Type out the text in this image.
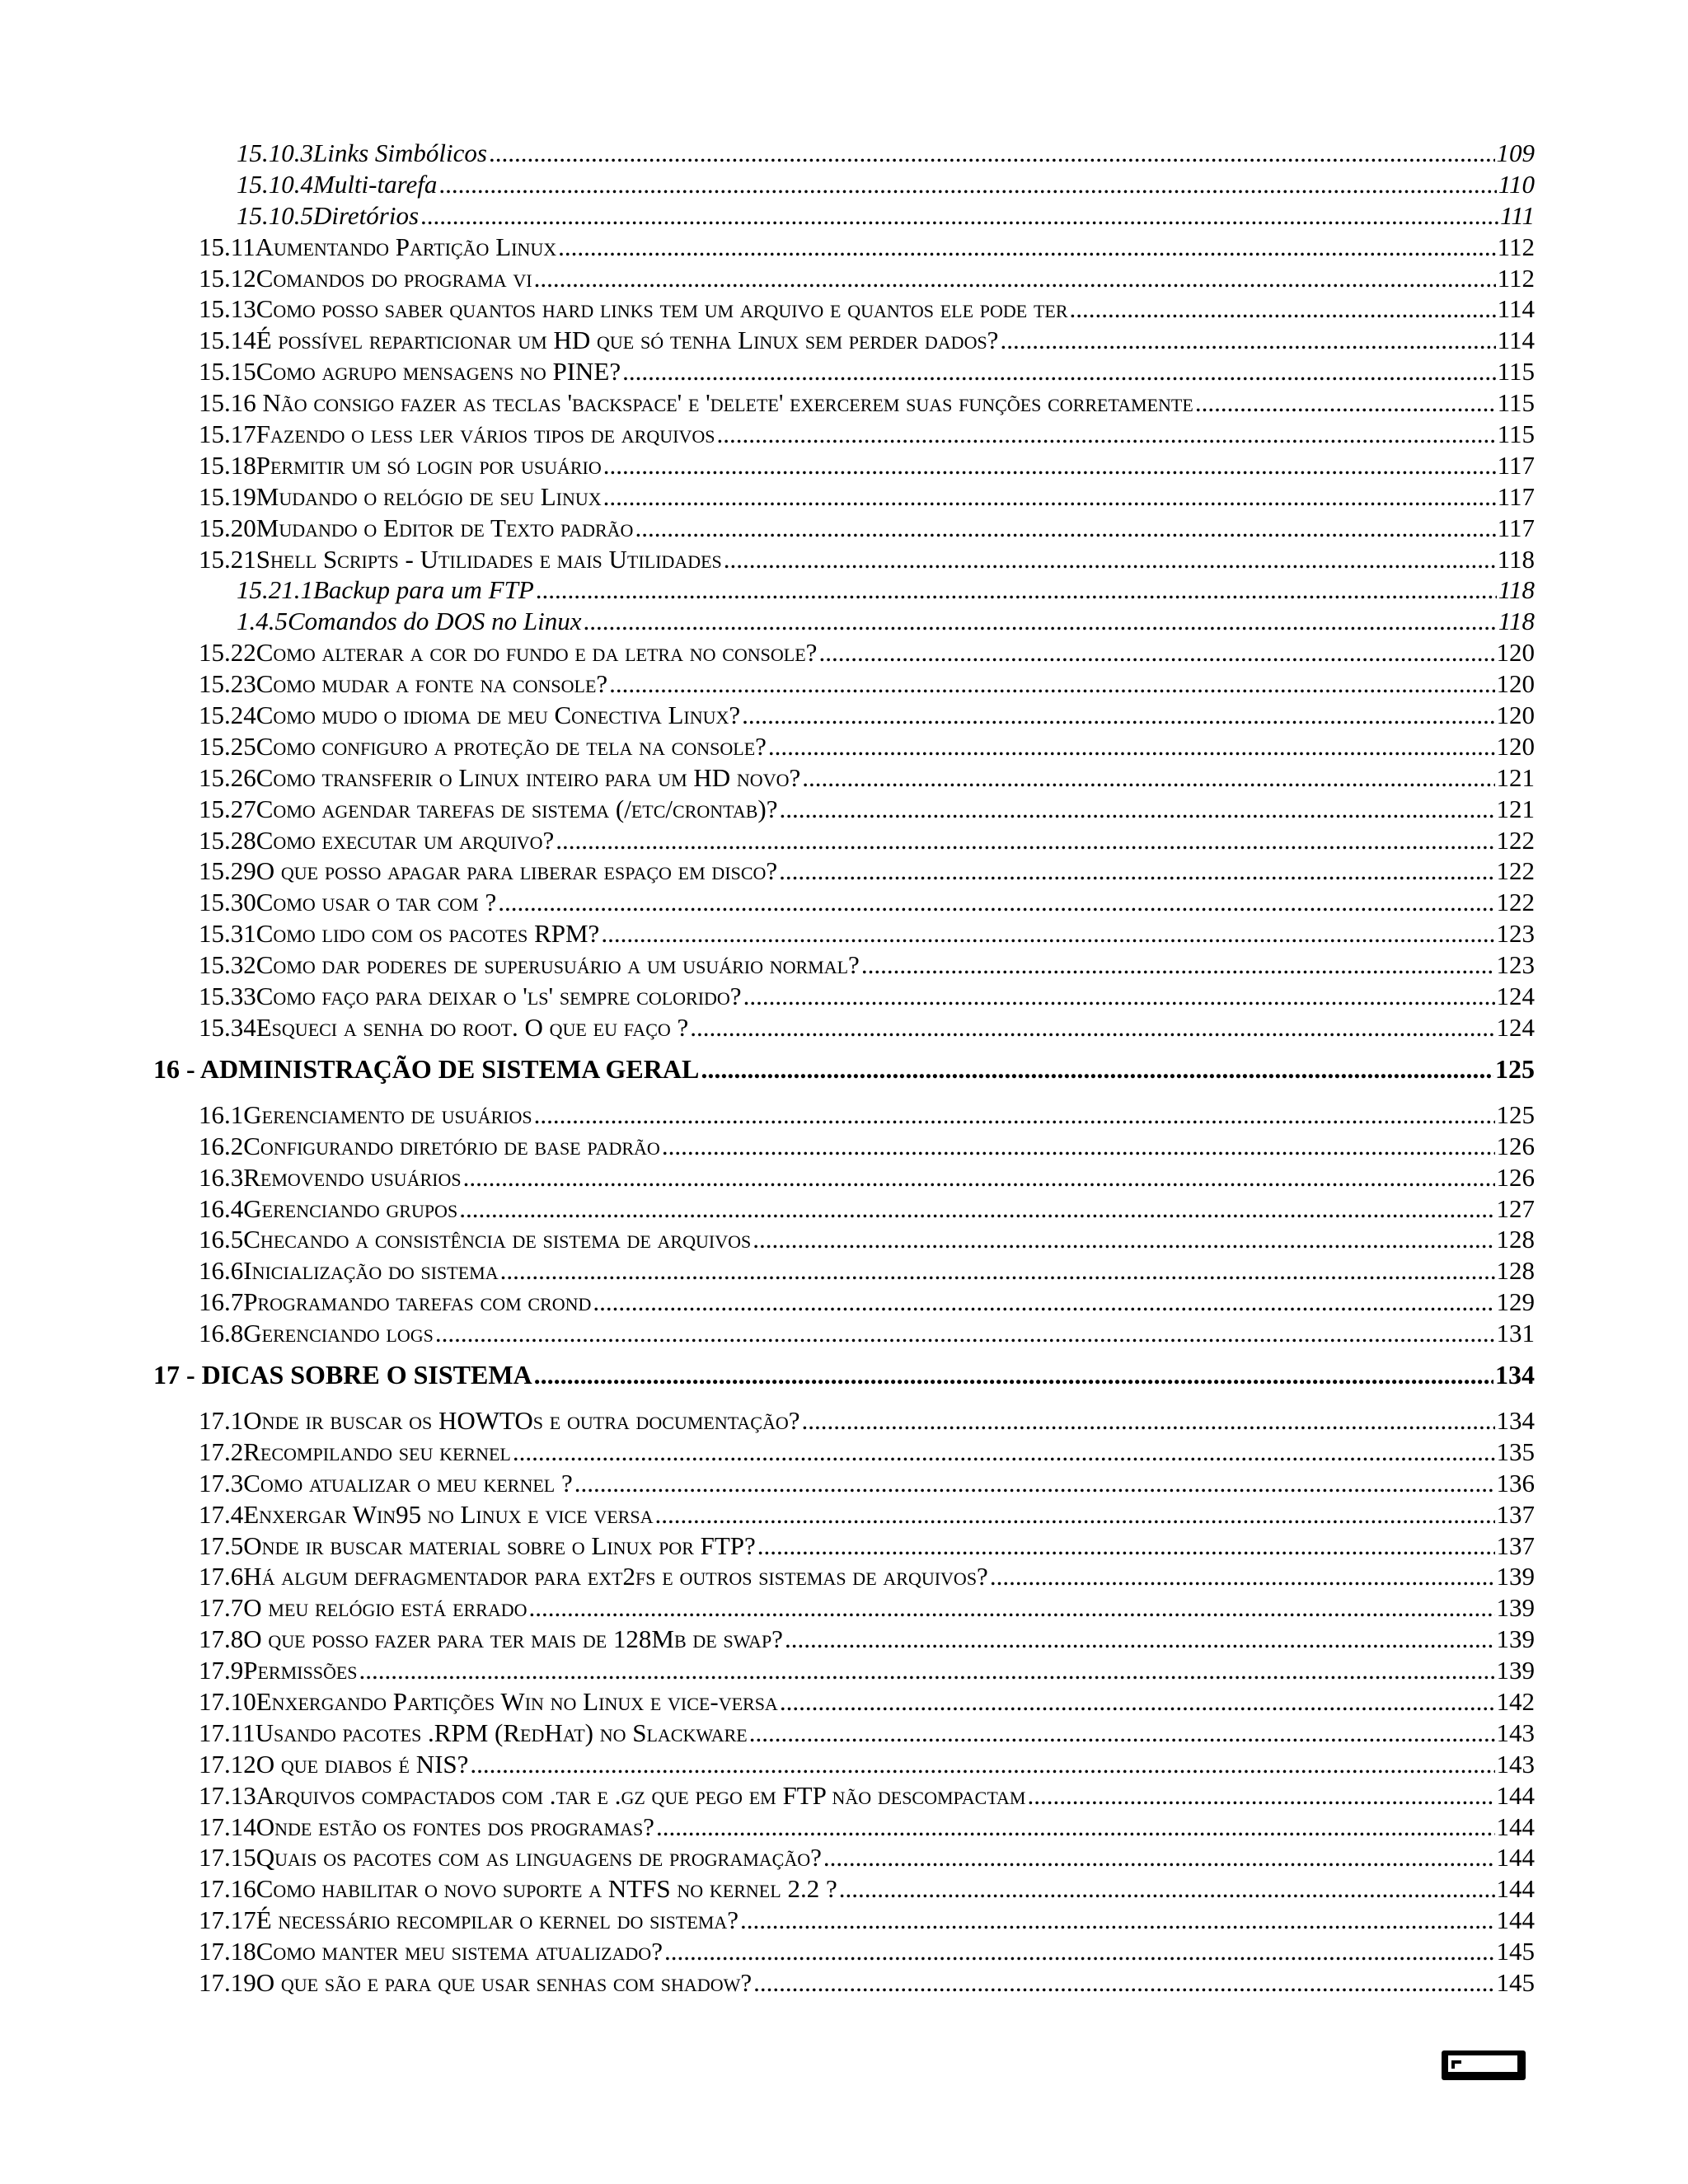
15.10.3Links Simbólicos .....	109
15.10.4Multi-tarefa .....	110
15.10.5Diretórios .....	111
15.11Aumentando Partição Linux .....	112
15.12Comandos do programa vi .....	112
15.13Como posso saber quantos hard links tem um arquivo e quantos ele pode ter .....	114
15.14É possível reparticionar um HD que só tenha Linux sem perder dados? .....	114
15.15Como agrupo mensagens no PINE? .....	115
15.16 Não consigo fazer as teclas 'backspace' e 'delete' exercerem suas funções corretamente .....	115
15.17Fazendo o less ler vários tipos de arquivos .....	115
15.18Permitir um só login por usuário .....	117
15.19Mudando o relógio de seu Linux .....	117
15.20Mudando o Editor de Texto padrão .....	117
15.21Shell Scripts - Utilidades e mais Utilidades .....	118
15.21.1Backup para um FTP .....	118
1.4.5Comandos do DOS no Linux .....	118
15.22Como alterar a cor do fundo e da letra no console? .....	120
15.23Como mudar a fonte na console? .....	120
15.24Como mudo o idioma de meu Conectiva Linux? .....	120
15.25Como configuro a proteção de tela na console? .....	120
15.26Como transferir o Linux inteiro para um HD novo? .....	121
15.27Como agendar tarefas de sistema (/etc/crontab)? .....	121
15.28Como executar um arquivo? .....	122
15.29O que posso apagar para liberar espaço em disco? .....	122
15.30Como usar o tar com ? .....	122
15.31Como lido com os pacotes RPM? .....	123
15.32Como dar poderes de superusuário a um usuário normal? .....	123
15.33Como faço para deixar o 'ls' sempre colorido? .....	124
15.34Esqueci a senha do root. O que eu faço ? .....	124
16 - ADMINISTRAÇÃO DE SISTEMA GERAL .....	125
16.1Gerenciamento de usuários .....	125
16.2Configurando diretório de base padrão .....	126
16.3Removendo usuários .....	126
16.4Gerenciando grupos .....	127
16.5Checando a consistência de sistema de arquivos .....	128
16.6Inicialização do sistema .....	128
16.7Programando tarefas com crond .....	129
16.8Gerenciando logs .....	131
17 - DICAS SOBRE O SISTEMA .....	134
17.1Onde ir buscar os HOWTOs e outra documentação? .....	134
17.2Recompilando seu kernel .....	135
17.3Como atualizar o meu kernel ? .....	136
17.4Enxergar Win95 no Linux e vice versa .....	137
17.5Onde ir buscar material sobre o Linux por FTP? .....	137
17.6Há algum defragmentador para ext2fs e outros sistemas de arquivos? .....	139
17.7O meu relógio está errado .....	139
17.8O que posso fazer para ter mais de 128Mb de swap? .....	139
17.9Permissões .....	139
17.10Enxergando Partições Win no Linux e vice-versa .....	142
17.11Usando pacotes .RPM (RedHat) no Slackware .....	143
17.12O que diabos é NIS? .....	143
17.13Arquivos compactados com .tar e .gz que pego em FTP não descompactam .....	144
17.14Onde estão os fontes dos programas? .....	144
17.15Quais os pacotes com as linguagens de programação? .....	144
17.16Como habilitar o novo suporte a NTFS no kernel 2.2 ? .....	144
17.17É necessário recompilar o kernel do sistema? .....	144
17.18Como manter meu sistema atualizado? .....	145
17.19O que são e para que usar senhas com shadow? .....	145
